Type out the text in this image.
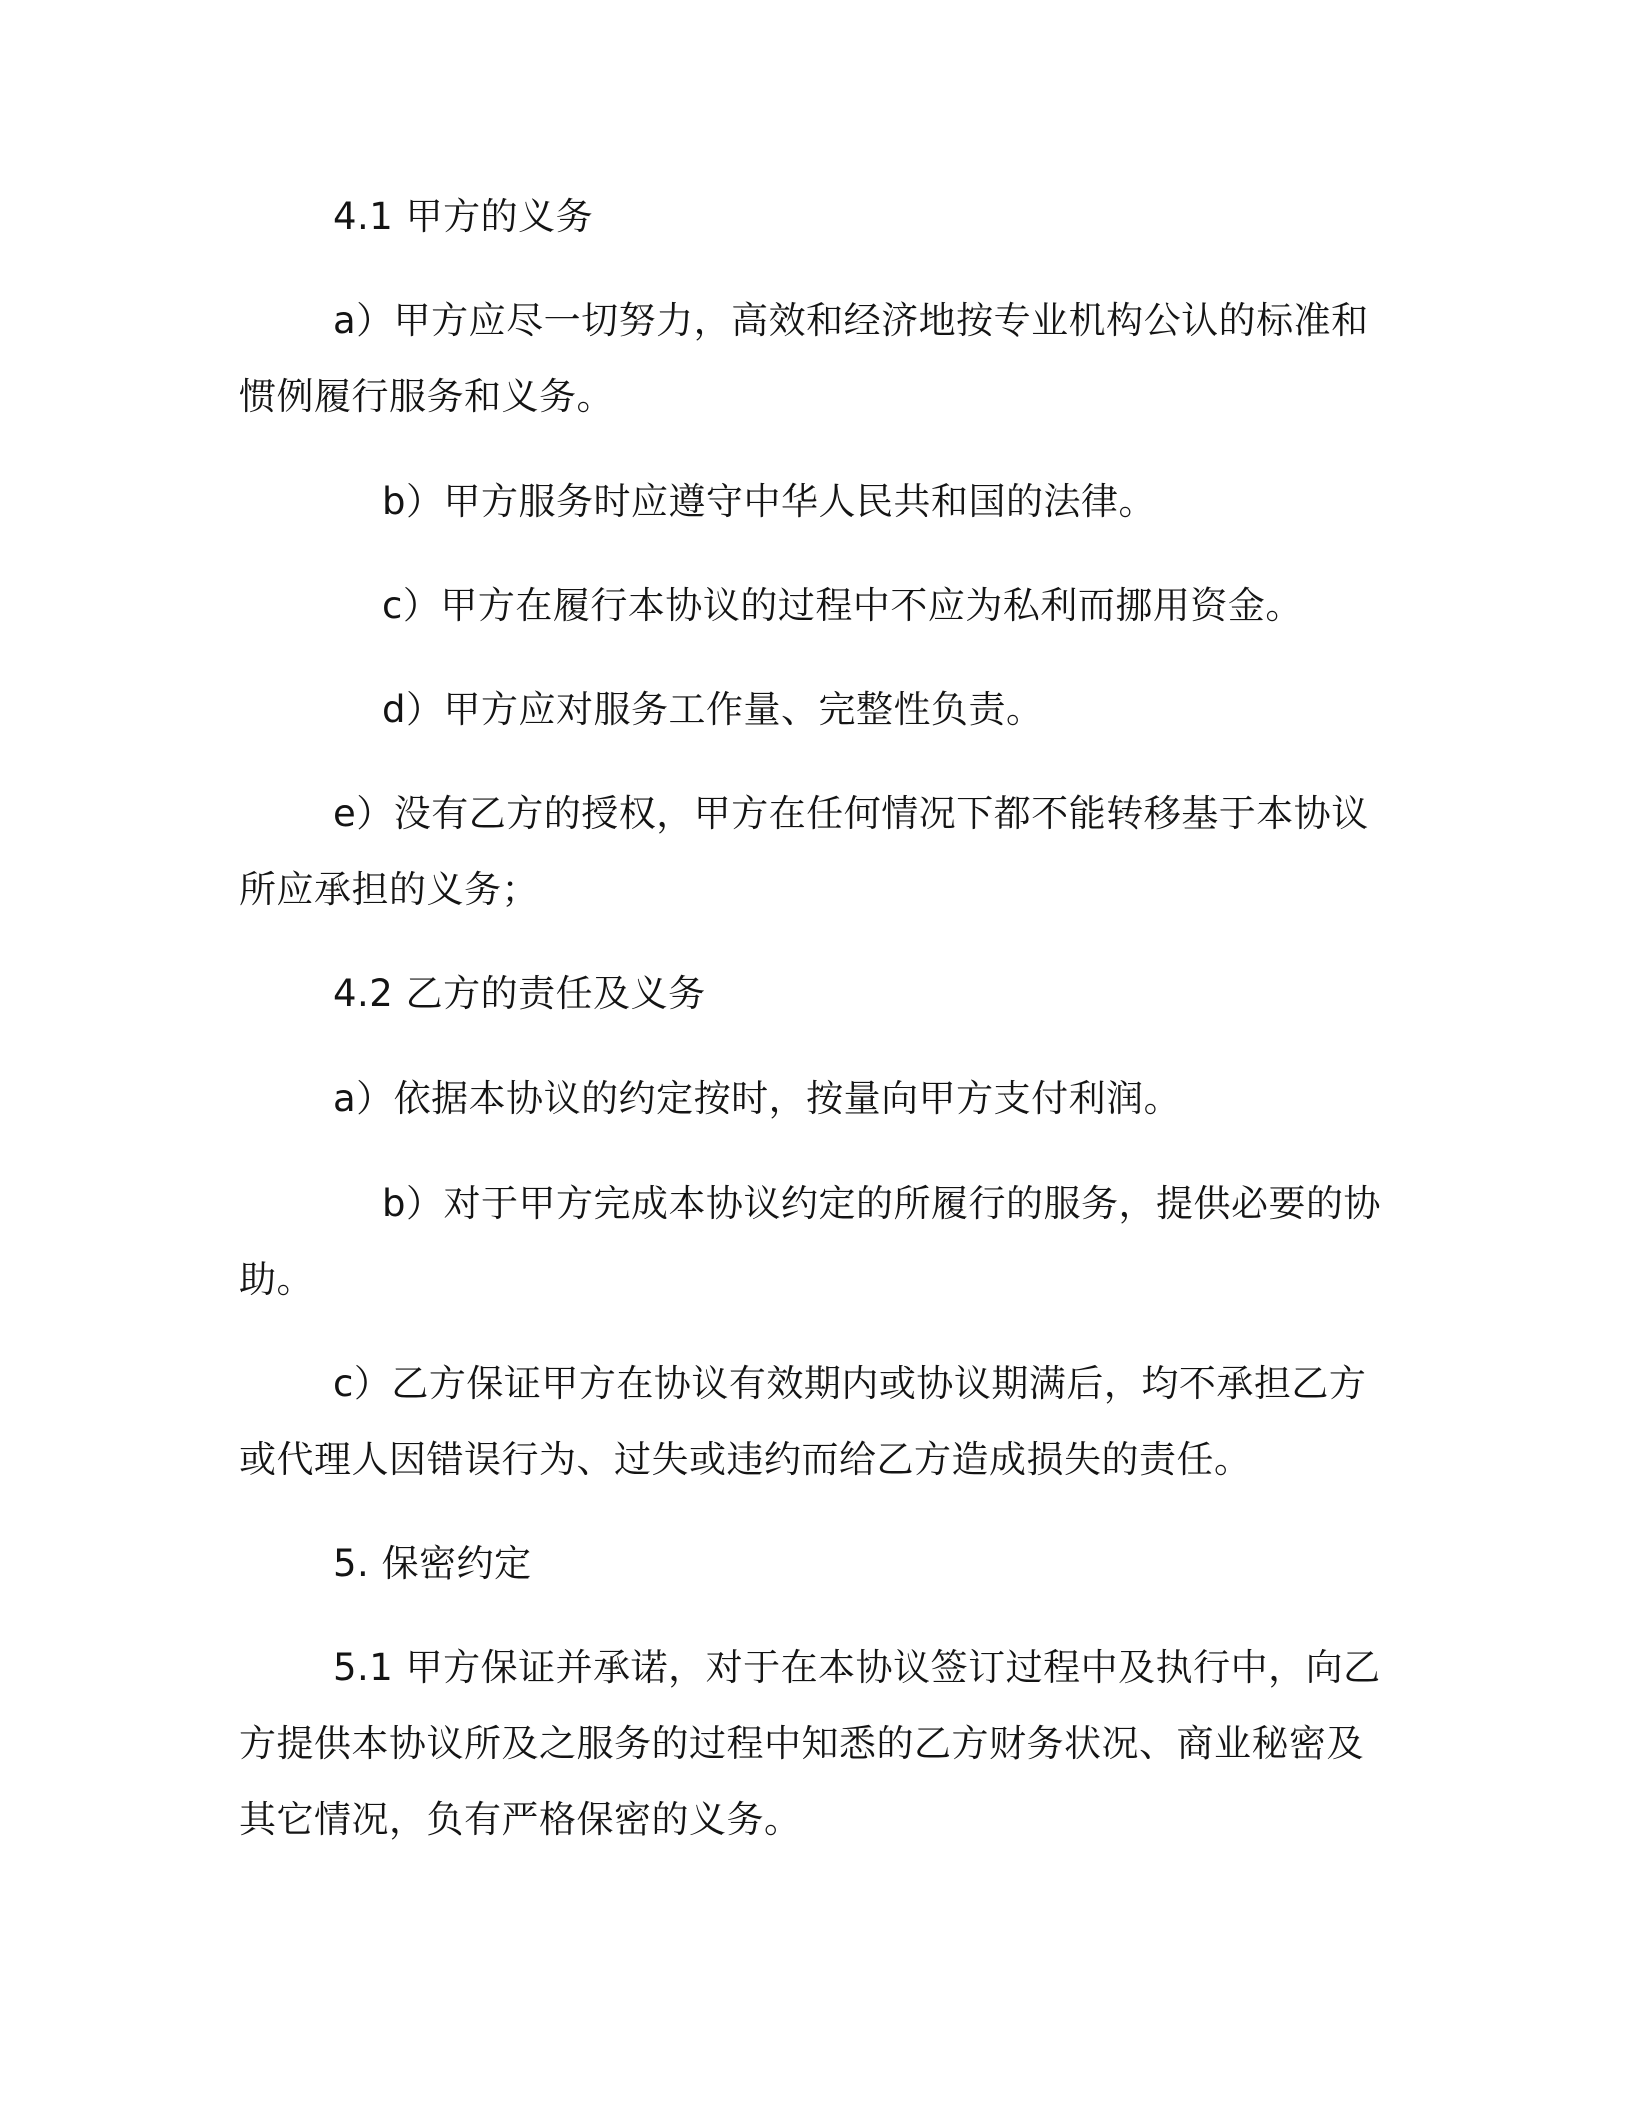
4.1 甲方的义务
a）甲方应尽一切努力，高效和经济地按专业机构公认的标准和
惯例履行服务和义务。
b）甲方服务时应遵守中华人民共和国的法律。
c）甲方在履行本协议的过程中不应为私利而挪用资金。
d）甲方应对服务工作量、完整性负责。
e）没有乙方的授权，甲方在任何情况下都不能转移基于本协议
所应承担的义务；
4.2 乙方的责任及义务
a）依据本协议的约定按时，按量向甲方支付利润。
b）对于甲方完成本协议约定的所履行的服务，提供必要的协
助。
c）乙方保证甲方在协议有效期内或协议期满后，均不承担乙方
或代理人因错误行为、过失或违约而给乙方造成损失的责任。
5. 保密约定
5.1 甲方保证并承诺，对于在本协议签订过程中及执行中，向乙
方提供本协议所及之服务的过程中知悉的乙方财务状况、商业秘密及
其它情况，负有严格保密的义务。
